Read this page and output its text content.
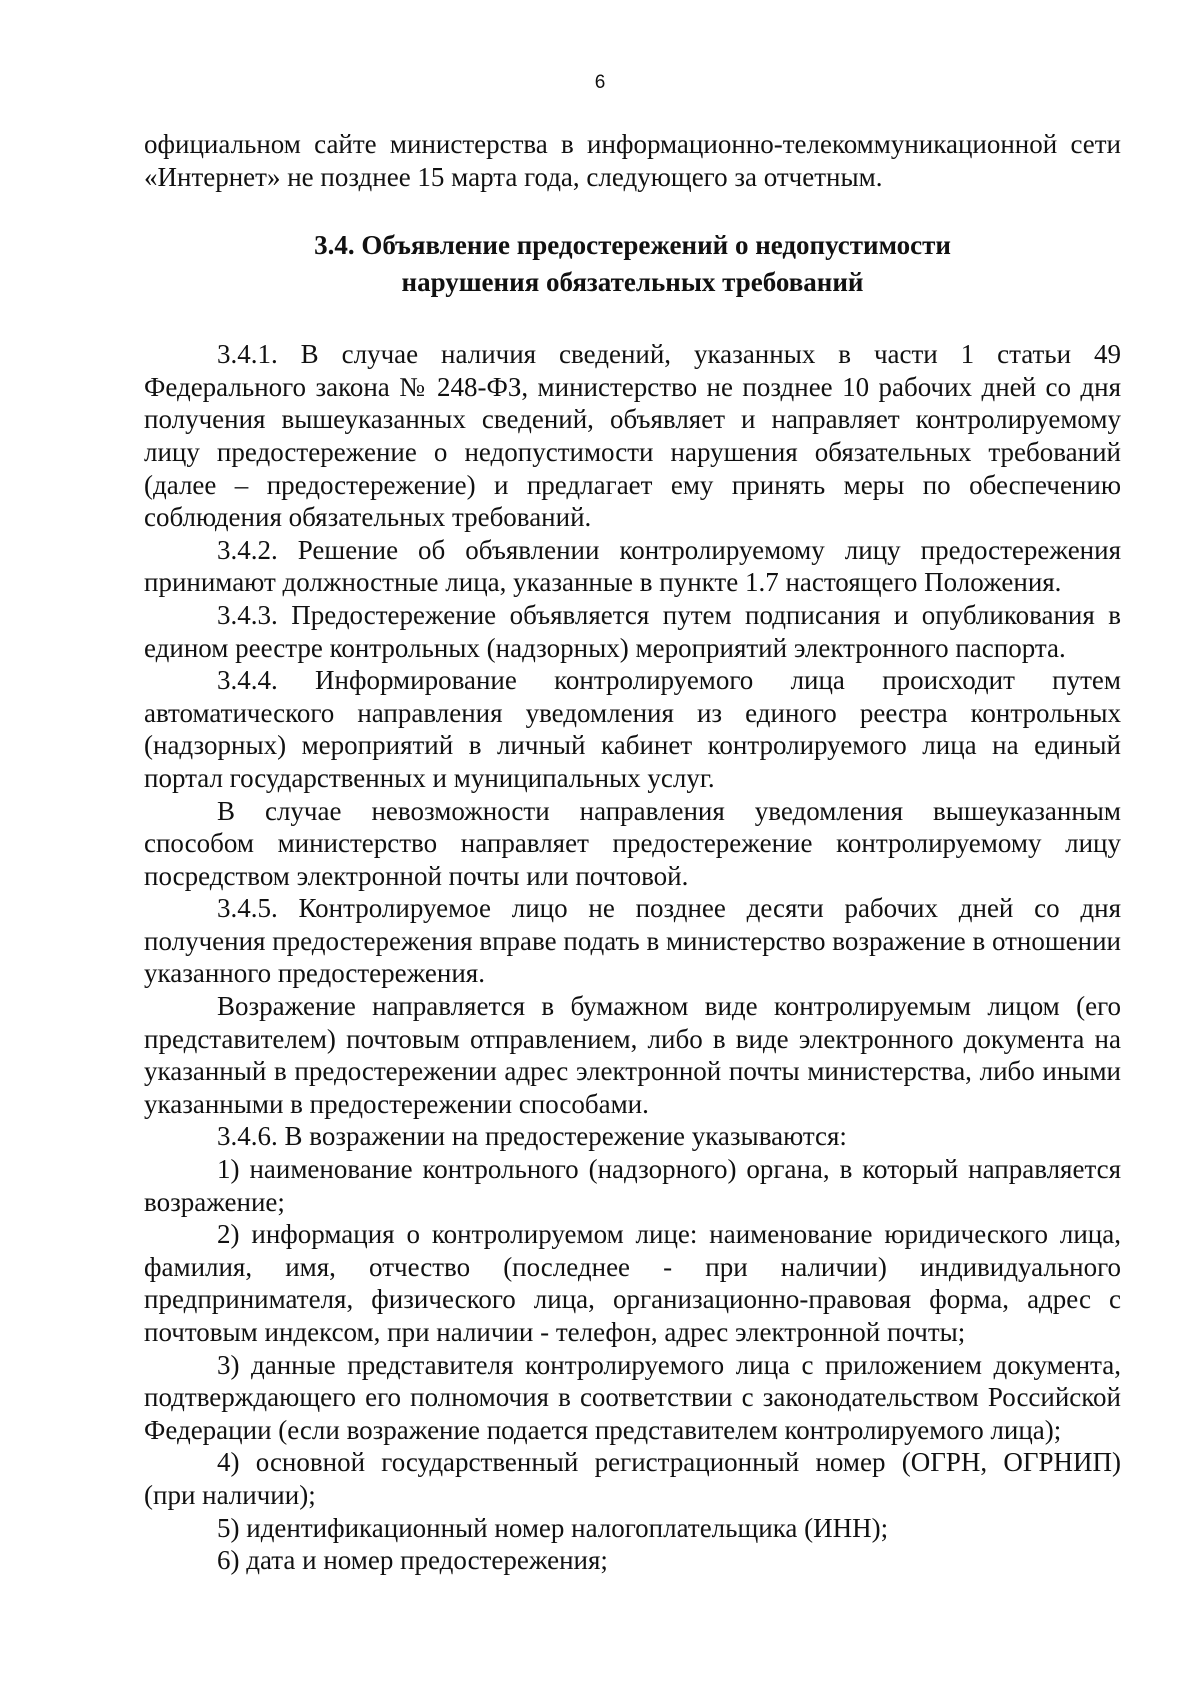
6

официальном сайте министерства в информационно-телекоммуникационной сети «Интернет» не позднее 15 марта года, следующего за отчетным.

3.4. Объявление предостережений о недопустимости
нарушения обязательных требований

3.4.1. В случае наличия сведений, указанных в части 1 статьи 49 Федерального закона № 248-ФЗ, министерство не позднее 10 рабочих дней со дня получения вышеуказанных сведений, объявляет и направляет контролируемому лицу предостережение о недопустимости нарушения обязательных требований (далее – предостережение) и предлагает ему принять меры по обеспечению соблюдения обязательных требований.

3.4.2. Решение об объявлении контролируемому лицу предостережения принимают должностные лица, указанные в пункте 1.7 настоящего Положения.

3.4.3. Предостережение объявляется путем подписания и опубликования в едином реестре контрольных (надзорных) мероприятий электронного паспорта.

3.4.4. Информирование контролируемого лица происходит путем автоматического направления уведомления из единого реестра контрольных (надзорных) мероприятий в личный кабинет контролируемого лица на единый портал государственных и муниципальных услуг.

В случае невозможности направления уведомления вышеуказанным способом министерство направляет предостережение контролируемому лицу посредством электронной почты или почтовой.

3.4.5. Контролируемое лицо не позднее десяти рабочих дней со дня получения предостережения вправе подать в министерство возражение в отношении указанного предостережения.

Возражение направляется в бумажном виде контролируемым лицом (его представителем) почтовым отправлением, либо в виде электронного документа на указанный в предостережении адрес электронной почты министерства, либо иными указанными в предостережении способами.

3.4.6. В возражении на предостережение указываются:

1) наименование контрольного (надзорного) органа, в который направляется возражение;

2) информация о контролируемом лице: наименование юридического лица, фамилия, имя, отчество (последнее - при наличии) индивидуального предпринимателя, физического лица, организационно-правовая форма, адрес с почтовым индексом, при наличии - телефон, адрес электронной почты;

3) данные представителя контролируемого лица с приложением документа, подтверждающего его полномочия в соответствии с законодательством Российской Федерации (если возражение подается представителем контролируемого лица);

4) основной государственный регистрационный номер (ОГРН, ОГРНИП) (при наличии);

5) идентификационный номер налогоплательщика (ИНН);

6) дата и номер предостережения;
